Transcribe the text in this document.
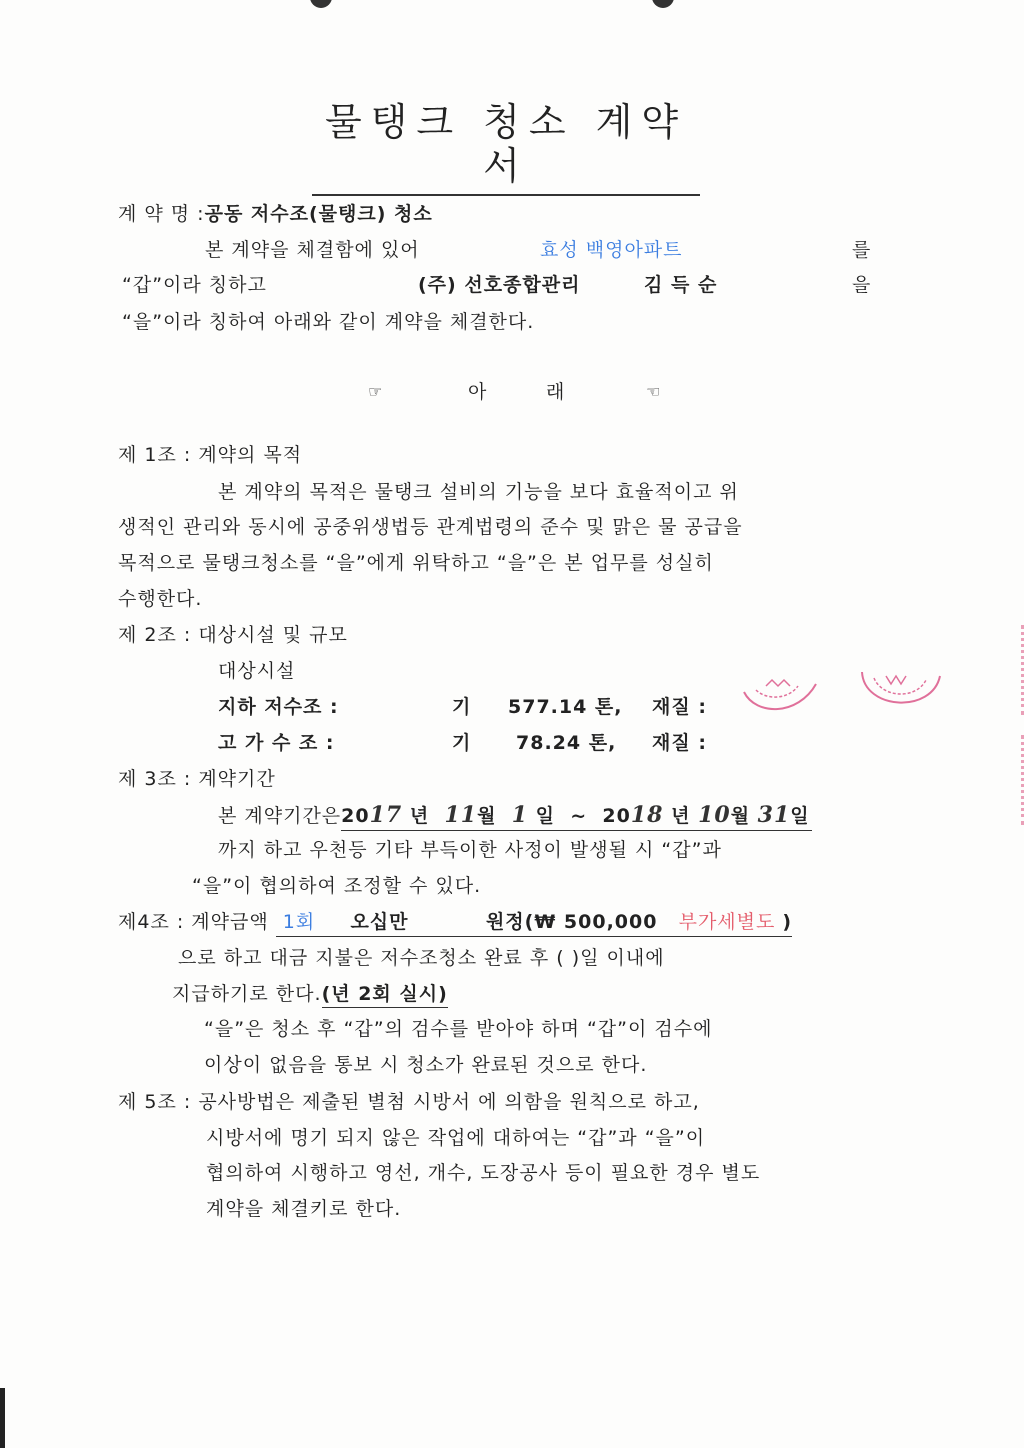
물탱크 청소 계약서
계 약 명 :공동 저수조(물탱크) 청소
본 계약을 체결함에 있어	효성 백영아파트	를
“갑”이라 칭하고	(주) 선호종합관리	김 득 순	을
“을”이라 칭하여 아래와 같이 계약을 체결한다.
☞	아	래	☜
제 1조 : 계약의 목적
본 계약의 목적은 물탱크 설비의 기능을 보다 효율적이고 위
생적인 관리와 동시에 공중위생법등 관계법령의 준수 및 맑은 물 공급을
목적으로 물탱크청소를 “을”에게 위탁하고 “을”은 본 업무를 성실히
수행한다.
제 2조 : 대상시설 및 규모
대상시설
지하 저수조 :	기 577.14 톤, 재질 :
고 가 수 조 :	기 78.24 톤, 재질 :
제 3조 : 계약기간
본 계약기간은2017 년 11월 1 일 ~ 2018 년 10월 31일
까지 하고 우천등 기타 부득이한 사정이 발생될 시 “갑”과
“을”이 협의하여 조정할 수 있다.
제4조 : 계약금액 1회 오십만	원정(₩ 500,000 부가세별도 )
으로 하고 대금 지불은 저수조청소 완료 후 ( )일 이내에
지급하기로 한다.(년 2회 실시)
“을”은 청소 후 “갑”의 검수를 받아야 하며 “갑”이 검수에
이상이 없음을 통보 시 청소가 완료된 것으로 한다.
제 5조 : 공사방법은 제출된 별첨 시방서 에 의함을 원칙으로 하고,
시방서에 명기 되지 않은 작업에 대하여는 “갑”과 “을”이
협의하여 시행하고 영선, 개수, 도장공사 등이 필요한 경우 별도
계약을 체결키로 한다.
